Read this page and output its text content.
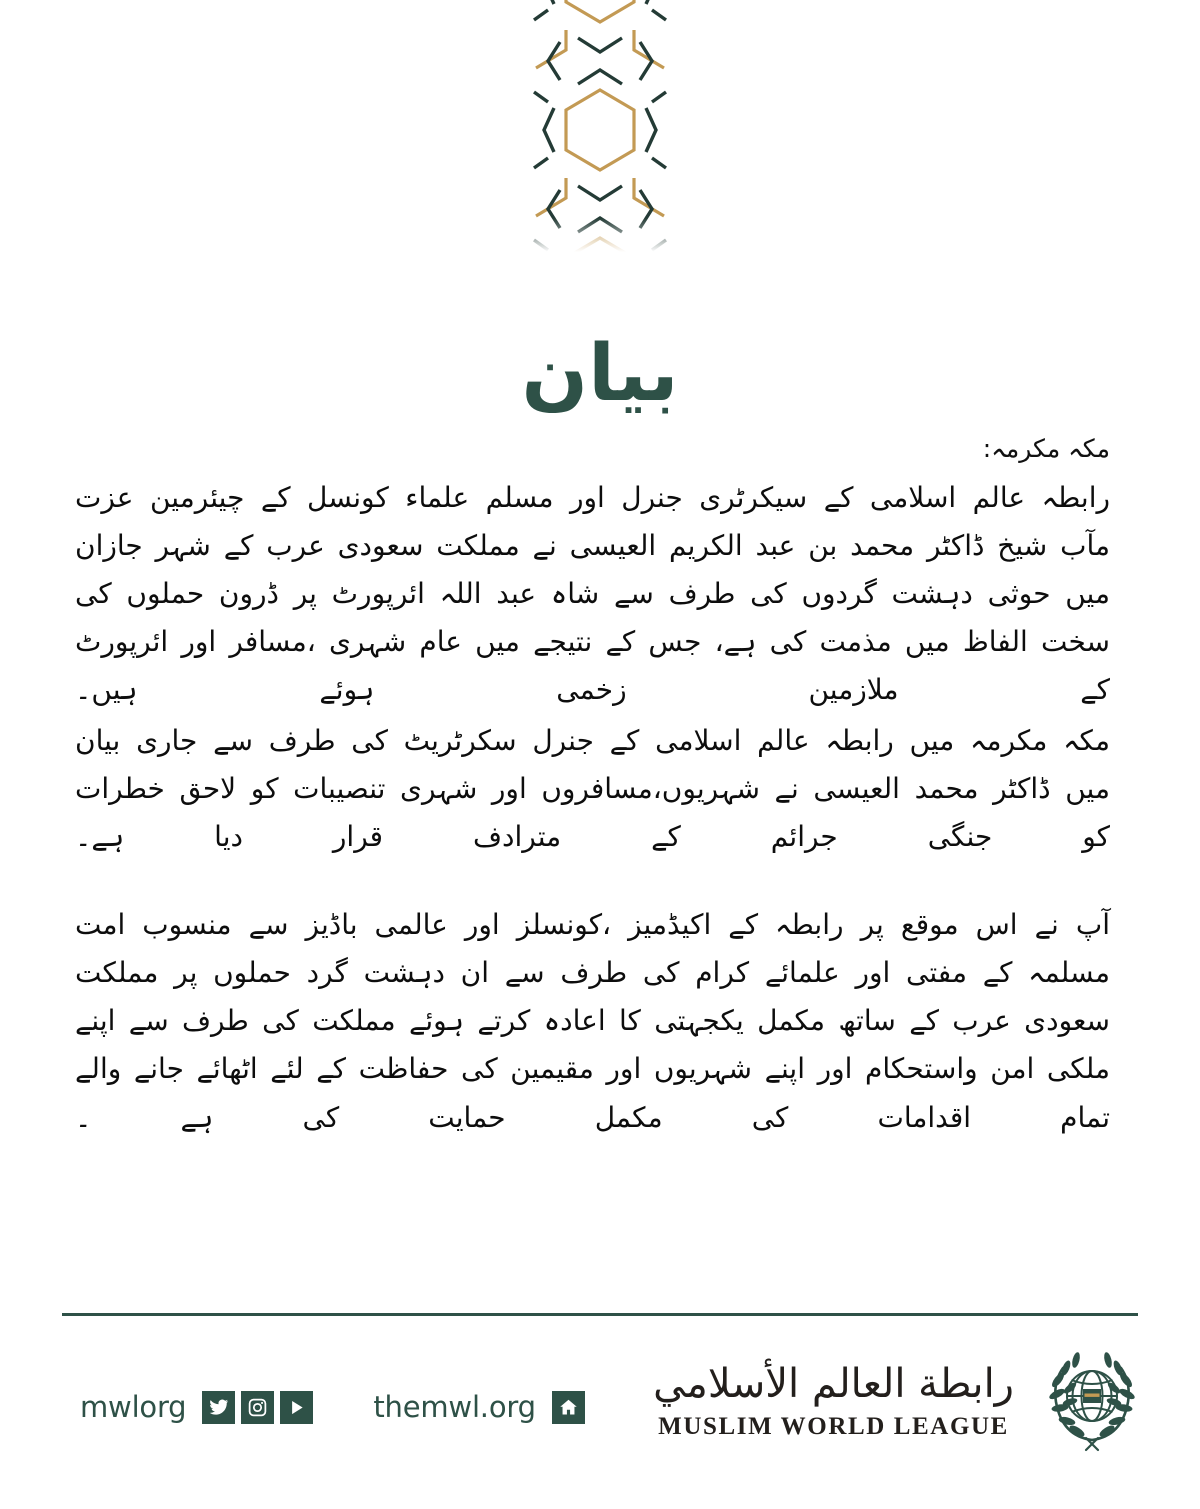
بیان

مکہ مکرمہ:

رابطہ عالم اسلامی کے سیکرٹری جنرل اور مسلم علماء کونسل کے چیئرمین عزت مآب شیخ ڈاکٹر محمد بن عبد الکریم العیسی نے مملکت سعودی عرب کے شہر جازان میں حوثی دہشت گردوں کی طرف سے شاہ عبد اللہ ائرپورٹ پر ڈرون حملوں کی سخت الفاظ میں مذمت کی ہے، جس کے نتیجے میں عام شہری ،مسافر اور ائرپورٹ کے ملازمین زخمی ہوئے ہیں۔

مکہ مکرمہ میں رابطہ عالم اسلامی کے جنرل سکرٹریٹ کی طرف سے جاری بیان میں ڈاکٹر محمد العیسی نے شہریوں،مسافروں اور شہری تنصیبات کو لاحق خطرات کو جنگی جرائم کے مترادف قرار دیا ہے۔

آپ نے اس موقع پر رابطہ کے اکیڈمیز ،کونسلز اور عالمی باڈیز سے منسوب امت مسلمہ کے مفتی اور علمائے کرام کی طرف سے ان دہشت گرد حملوں پر مملکت سعودی عرب کے ساتھ مکمل یکجہتی کا اعادہ کرتے ہوئے مملکت کی طرف سے اپنے ملکی امن واستحکام اور اپنے شہریوں اور مقیمین کی حفاظت کے لئے اٹھائے جانے والے تمام اقدامات کی مکمل حمایت کی ہے ۔

mwlorg	themwl.org	رابطة العالم الأسلامي
MUSLIM WORLD LEAGUE
